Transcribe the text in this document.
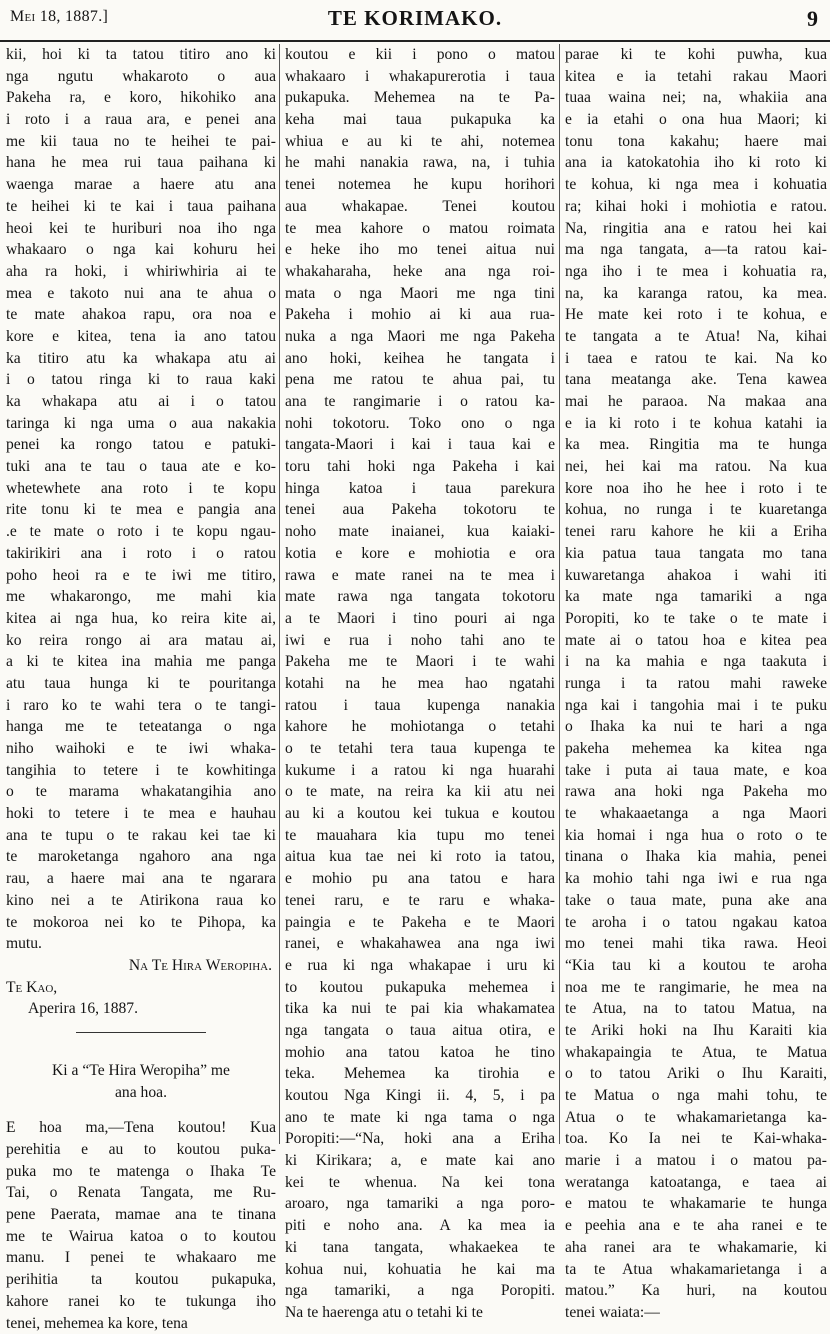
Mei 18, 1887.]	TE KORIMAKO.	9
kii, hoi ki ta tatou titiro ano ki
nga ngutu whakaroto o aua
Pakeha ra, e koro, hikohiko ana
i roto i a raua ara, e penei ana
me kii taua no te heihei te pai-
hana he mea rui taua paihana ki
waenga marae a haere atu ana
te heihei ki te kai i taua paihana
heoi kei te huriburi noa iho nga
whakaaro o nga kai kohuru hei
aha ra hoki, i whiriwhiria ai te
mea e takoto nui ana te ahua o
te mate ahakoa rapu, ora noa e
kore e kitea, tena ia ano tatou
ka titiro atu ka whakapa atu ai
i o tatou ringa ki to raua kaki
ka whakapa atu ai i o tatou
taringa ki nga uma o aua nakakia
penei ka rongo tatou e patuki-
tuki ana te tau o taua ate e ko-
whetewhete ana roto i te kopu
rite tonu ki te mea e pangia ana
.e te mate o roto i te kopu ngau-
takirikiri ana i roto i o ratou
poho heoi ra e te iwi me titiro,
me whakarongo, me mahi kia
kitea ai nga hua, ko reira kite ai,
ko reira rongo ai ara matau ai,
a ki te kitea ina mahia me panga
atu taua hunga ki te pouritanga
i raro ko te wahi tera o te tangi-
hanga me te teteatanga o nga
niho waihoki e te iwi whaka-
tangihia to tetere i te kowhitinga
o te marama whakatangihia ano
hoki to tetere i te mea e hauhau
ana te tupu o te rakau kei tae ki
te maroketanga ngahoro ana nga
rau, a haere mai ana te ngarara
kino nei a te Atirikona raua ko
te mokoroa nei ko te Pihopa, ka
mutu.
Na Te Hira Weropiha.
Te Kao,
Aperira 16, 1887.
Ki a “Te Hira Weropiha” me
ana hoa.
E hoa ma,—Tena koutou! Kua
perehitia e au to koutou puka-
puka mo te matenga o Ihaka Te
Tai, o Renata Tangata, me Ru-
pene Paerata, mamae ana te tinana
me te Wairua katoa o to koutou
manu. I penei te whakaaro me
perihitia ta koutou pukapuka,
kahore ranei ko te tukunga iho
tenei, mehemea ka kore, tena
koutou e kii i pono o matou
whakaaro i whakapurerotia i taua
pukapuka. Mehemea na te Pa-
keha mai taua pukapuka ka
whiua e au ki te ahi, notemea
he mahi nanakia rawa, na, i tuhia
tenei notemea he kupu horihori
aua whakapae. Tenei koutou
te mea kahore o matou roimata
e heke iho mo tenei aitua nui
whakaharaha, heke ana nga roi-
mata o nga Maori me nga tini
Pakeha i mohio ai ki aua rua-
nuka a nga Maori me nga Pakeha
ano hoki, keihea he tangata i
pena me ratou te ahua pai, tu
ana te rangimarie i o ratou ka-
nohi tokotoru. Toko ono o nga
tangata-Maori i kai i taua kai e
toru tahi hoki nga Pakeha i kai
hinga katoa i taua parekura
tenei aua Pakeha tokotoru te
noho mate inaianei, kua kaiaki-
kotia e kore e mohiotia e ora
rawa e mate ranei na te mea i
mate rawa nga tangata tokotoru
a te Maori i tino pouri ai nga
iwi e rua i noho tahi ano te
Pakeha me te Maori i te wahi
kotahi na he mea hao ngatahi
ratou i taua kupenga nanakia
kahore he mohiotanga o tetahi
o te tetahi tera taua kupenga te
kukume i a ratou ki nga huarahi
o te mate, na reira ka kii atu nei
au ki a koutou kei tukua e koutou
te mauahara kia tupu mo tenei
aitua kua tae nei ki roto ia tatou,
e mohio pu ana tatou e hara
tenei raru, e te raru e whaka-
paingia e te Pakeha e te Maori
ranei, e whakahawea ana nga iwi
e rua ki nga whakapae i uru ki
to koutou pukapuka mehemea i
tika ka nui te pai kia whakamatea
nga tangata o taua aitua otira, e
mohio ana tatou katoa he tino
teka. Mehemea ka tirohia e
koutou Nga Kingi ii. 4, 5, i pa
ano te mate ki nga tama o nga
Poropiti:—“Na, hoki ana a Eriha
ki Kirikara; a, e mate kai ano
kei te whenua. Na kei tona
aroaro, nga tamariki a nga poro-
piti e noho ana. A ka mea ia
ki tana tangata, whakaekea te
kohua nui, kohuatia he kai ma
nga tamariki, a nga Poropiti.
Na te haerenga atu o tetahi ki te
parae ki te kohi puwha, kua
kitea e ia tetahi rakau Maori
tuaa waina nei; na, whakiia ana
e ia etahi o ona hua Maori; ki
tonu tona kakahu; haere mai
ana ia katokatohia iho ki roto ki
te kohua, ki nga mea i kohuatia
ra; kihai hoki i mohiotia e ratou.
Na, ringitia ana e ratou hei kai
ma nga tangata, a—ta ratou kai-
nga iho i te mea i kohuatia ra,
na, ka karanga ratou, ka mea.
He mate kei roto i te kohua, e
te tangata a te Atua! Na, kihai
i taea e ratou te kai. Na ko
tana meatanga ake. Tena kawea
mai he paraoa. Na makaa ana
e ia ki roto i te kohua katahi ia
ka mea. Ringitia ma te hunga
nei, hei kai ma ratou. Na kua
kore noa iho he hee i roto i te
kohua, no runga i te kuaretanga
tenei raru kahore he kii a Eriha
kia patua taua tangata mo tana
kuwaretanga ahakoa i wahi iti
ka mate nga tamariki a nga
Poropiti, ko te take o te mate i
mate ai o tatou hoa e kitea pea
i na ka mahia e nga taakuta i
runga i ta ratou mahi raweke
nga kai i tangohia mai i te puku
o Ihaka ka nui te hari a nga
pakeha mehemea ka kitea nga
take i puta ai taua mate, e koa
rawa ana hoki nga Pakeha mo
te whakaaetanga a nga Maori
kia homai i nga hua o roto o te
tinana o Ihaka kia mahia, penei
ka mohio tahi nga iwi e rua nga
take o taua mate, puna ake ana
te aroha i o tatou ngakau katoa
mo tenei mahi tika rawa. Heoi
“Kia tau ki a koutou te aroha
noa me te rangimarie, he mea na
te Atua, na to tatou Matua, na
te Ariki hoki na Ihu Karaiti kia
whakapaingia te Atua, te Matua
o to tatou Ariki o Ihu Karaiti,
te Matua o nga mahi tohu, te
Atua o te whakamarietanga ka-
toa. Ko Ia nei te Kai-whaka-
marie i a matou i o matou pa-
weratanga katoatanga, e taea ai
e matou te whakamarie te hunga
e peehia ana e te aha ranei e te
aha ranei ara te whakamarie, ki
ta te Atua whakamarietanga i a
matou.” Ka huri, na koutou
tenei waiata:—
